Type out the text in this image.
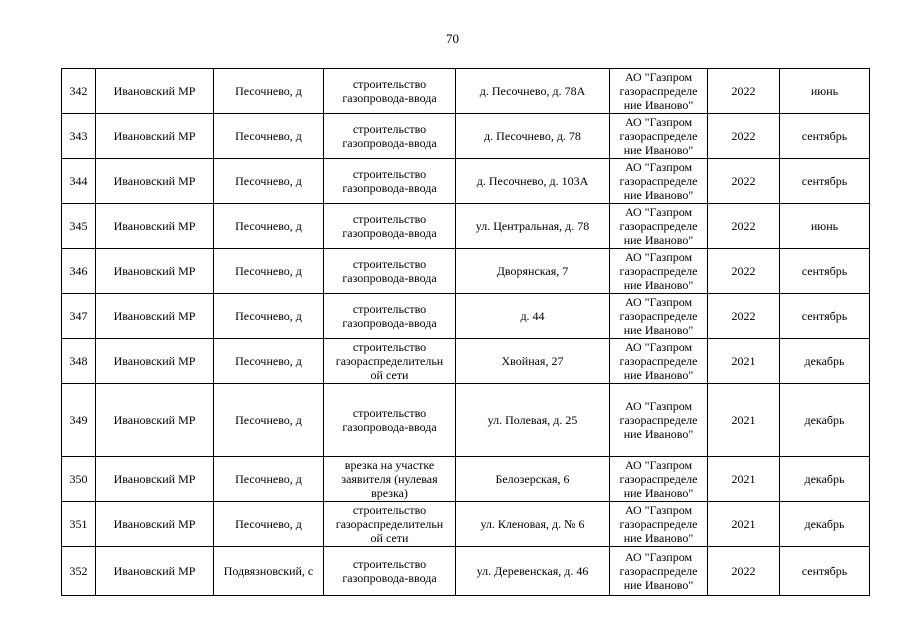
70
342	Ивановский МР	Песочнево, д	строительство
газопровода-ввода	д. Песочнево, д. 78А	АО "Газпром
газораспределе
ние Иваново"	2022	июнь
343	Ивановский МР	Песочнево, д	строительство
газопровода-ввода	д. Песочнево, д. 78	АО "Газпром
газораспределе
ние Иваново"	2022	сентябрь
344	Ивановский МР	Песочнево, д	строительство
газопровода-ввода	д. Песочнево, д. 103А	АО "Газпром
газораспределе
ние Иваново"	2022	сентябрь
345	Ивановский МР	Песочнево, д	строительство
газопровода-ввода	ул. Центральная, д. 78	АО "Газпром
газораспределе
ние Иваново"	2022	июнь
346	Ивановский МР	Песочнево, д	строительство
газопровода-ввода	Дворянская, 7	АО "Газпром
газораспределе
ние Иваново"	2022	сентябрь
347	Ивановский МР	Песочнево, д	строительство
газопровода-ввода	д. 44	АО "Газпром
газораспределе
ние Иваново"	2022	сентябрь
348	Ивановский МР	Песочнево, д	строительство
газораспределительн
ой сети	Хвойная, 27	АО "Газпром
газораспределе
ние Иваново"	2021	декабрь
349	Ивановский МР	Песочнево, д	строительство
газопровода-ввода	ул. Полевая, д. 25	АО "Газпром
газораспределе
ние Иваново"	2021	декабрь
350	Ивановский МР	Песочнево, д	врезка на участке
заявителя (нулевая
врезка)	Белозерская, 6	АО "Газпром
газораспределе
ние Иваново"	2021	декабрь
351	Ивановский МР	Песочнево, д	строительство
газораспределительн
ой сети	ул. Кленовая, д. № 6	АО "Газпром
газораспределе
ние Иваново"	2021	декабрь
352	Ивановский МР	Подвязновский, с	строительство
газопровода-ввода	ул. Деревенская, д. 46	АО "Газпром
газораспределе
ние Иваново"	2022	сентябрь
